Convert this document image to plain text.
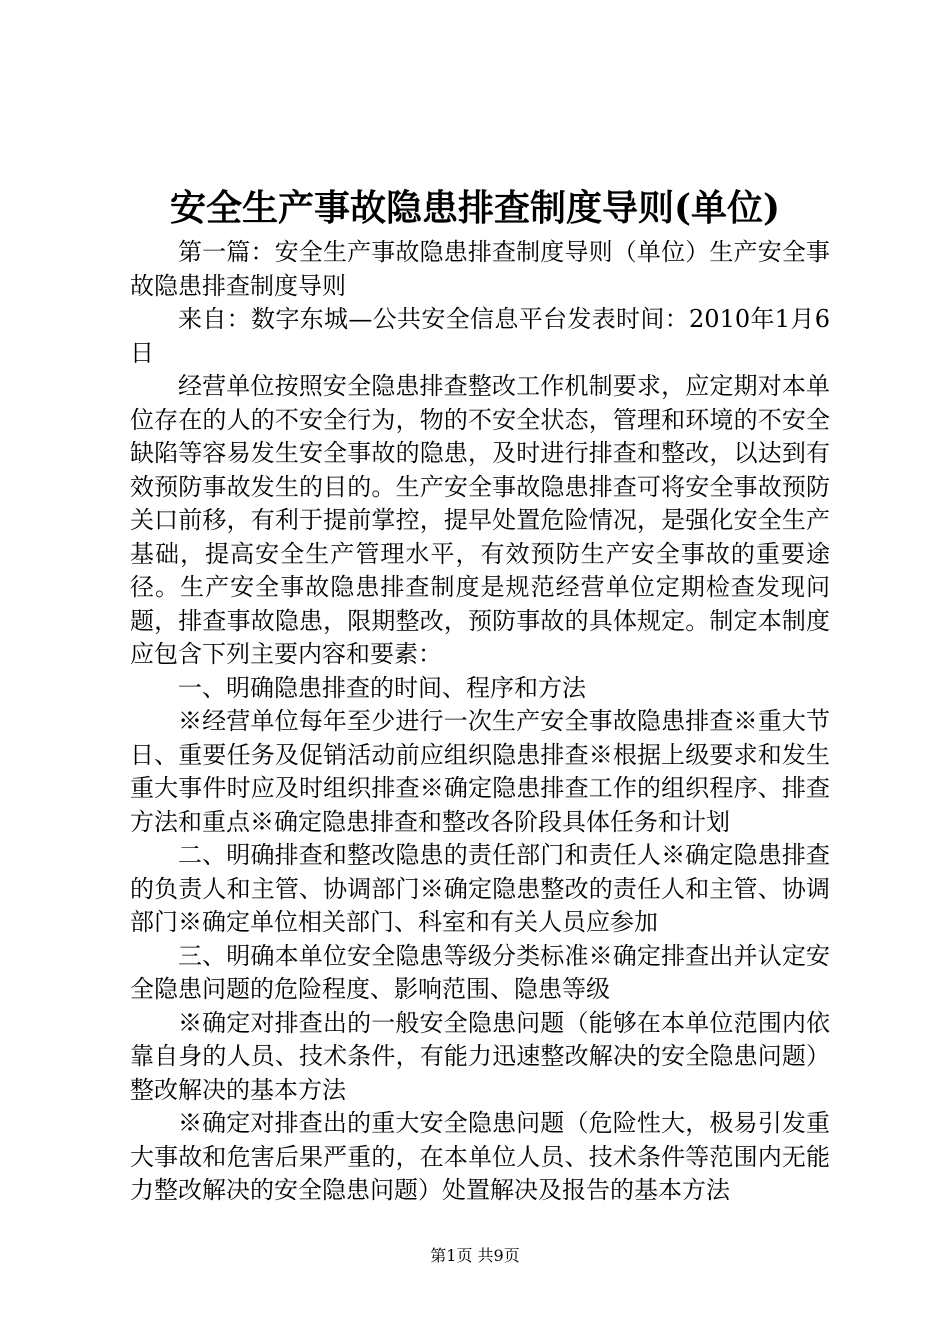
安全生产事故隐患排查制度导则(单位)

第一篇：安全生产事故隐患排查制度导则（单位）生产安全事故隐患排查制度导则

来自：数字东城—公共安全信息平台发表时间：2010年1月6日

经营单位按照安全隐患排查整改工作机制要求，应定期对本单位存在的人的不安全行为，物的不安全状态，管理和环境的不安全缺陷等容易发生安全事故的隐患，及时进行排查和整改，以达到有效预防事故发生的目的。生产安全事故隐患排查可将安全事故预防关口前移，有利于提前掌控，提早处置危险情况，是强化安全生产基础，提高安全生产管理水平，有效预防生产安全事故的重要途径。生产安全事故隐患排查制度是规范经营单位定期检查发现问题，排查事故隐患，限期整改，预防事故的具体规定。制定本制度应包含下列主要内容和要素：

一、明确隐患排查的时间、程序和方法

※经营单位每年至少进行一次生产安全事故隐患排查※重大节日、重要任务及促销活动前应组织隐患排查※根据上级要求和发生重大事件时应及时组织排查※确定隐患排查工作的组织程序、排查方法和重点※确定隐患排查和整改各阶段具体任务和计划

二、明确排查和整改隐患的责任部门和责任人※确定隐患排查的负责人和主管、协调部门※确定隐患整改的责任人和主管、协调部门※确定单位相关部门、科室和有关人员应参加

三、明确本单位安全隐患等级分类标准※确定排查出并认定安全隐患问题的危险程度、影响范围、隐患等级

※确定对排查出的一般安全隐患问题（能够在本单位范围内依靠自身的人员、技术条件，有能力迅速整改解决的安全隐患问题）整改解决的基本方法

※确定对排查出的重大安全隐患问题（危险性大，极易引发重大事故和危害后果严重的，在本单位人员、技术条件等范围内无能力整改解决的安全隐患问题）处置解决及报告的基本方法

第1页 共9页
